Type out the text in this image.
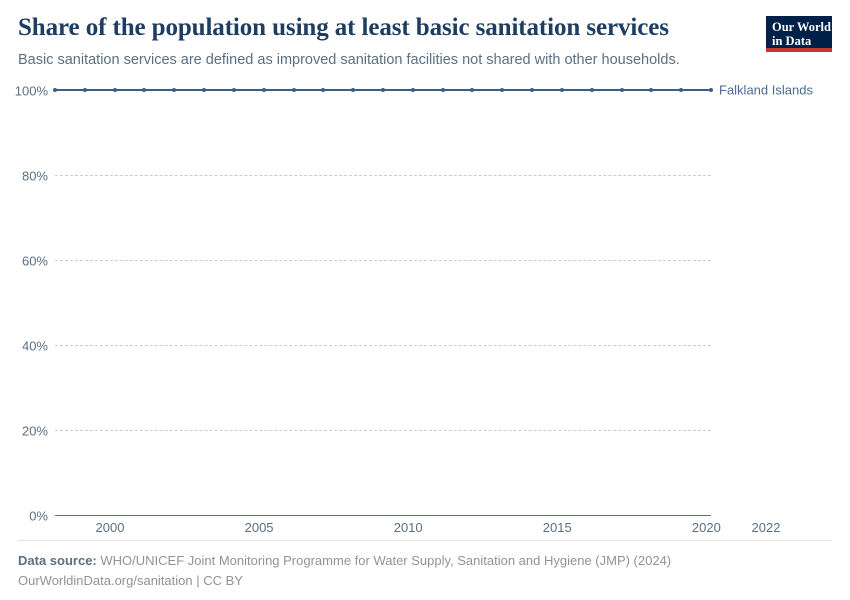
Share of the population using at least basic sanitation services

Basic sanitation services are defined as improved sanitation facilities not shared with other households.

Our World
in Data
0%
20%
40%
60%
80%
100%	Falkland Islands
2000	2005	2010	2015	2020 2022
Data source: WHO/UNICEF Joint Monitoring Programme for Water Supply, Sanitation and Hygiene (JMP) (2024)
OurWorldinData.org/sanitation | CC BY
